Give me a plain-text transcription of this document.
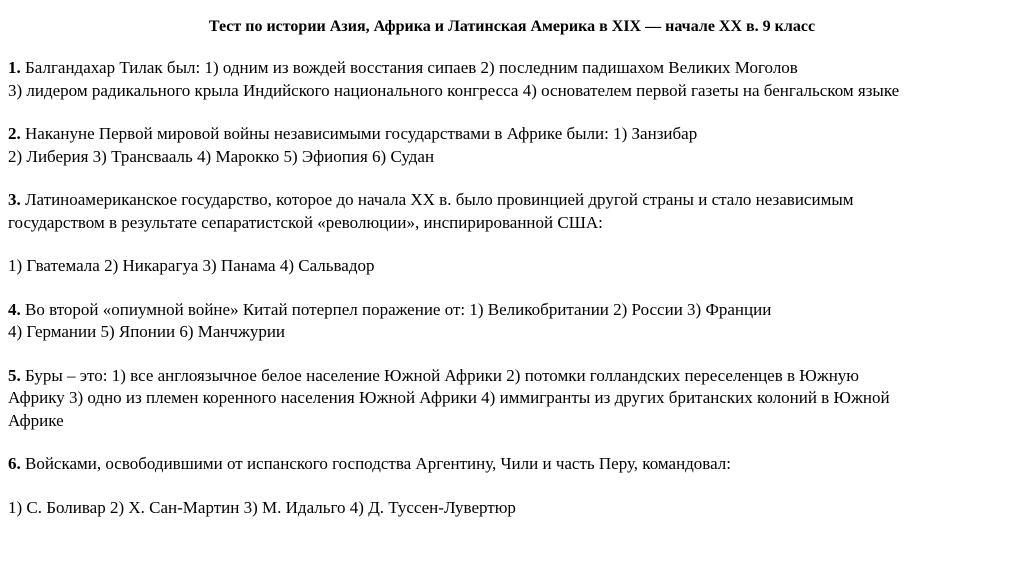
Тест по истории Азия, Африка и Латинская Америка в XIX — начале XX в. 9 класс
1. Балгандахар Тилак был: 1) одним из вождей восстания сипаев 2) последним падишахом Великих Моголов
3) лидером радикального крыла Индийского национального конгресса 4) основателем первой газеты на бенгальском языке
2. Накануне Первой мировой войны независимыми государствами в Африке были: 1) Занзибар
2) Либерия 3) Трансвааль 4) Марокко 5) Эфиопия 6) Судан
3. Латиноамериканское государство, которое до начала XX в. было провинцией другой страны и стало независимым
государством в результате сепаратистской «революции», инспирированной США:
1) Гватемала 2) Никарагуа 3) Панама 4) Сальвадор
4. Во второй «опиумной войне» Китай потерпел поражение от: 1) Великобритании 2) России 3) Франции
4) Германии 5) Японии 6) Манчжурии
5. Буры – это: 1) все англоязычное белое население Южной Африки 2) потомки голландских переселенцев в Южную
Африку 3) одно из племен коренного населения Южной Африки 4) иммигранты из других британских колоний в Южной
Африке
6. Войсками, освободившими от испанского господства Аргентину, Чили и часть Перу, командовал:
1) С. Боливар 2) Х. Сан-Мартин 3) М. Идальго 4) Д. Туссен-Лувертюр
